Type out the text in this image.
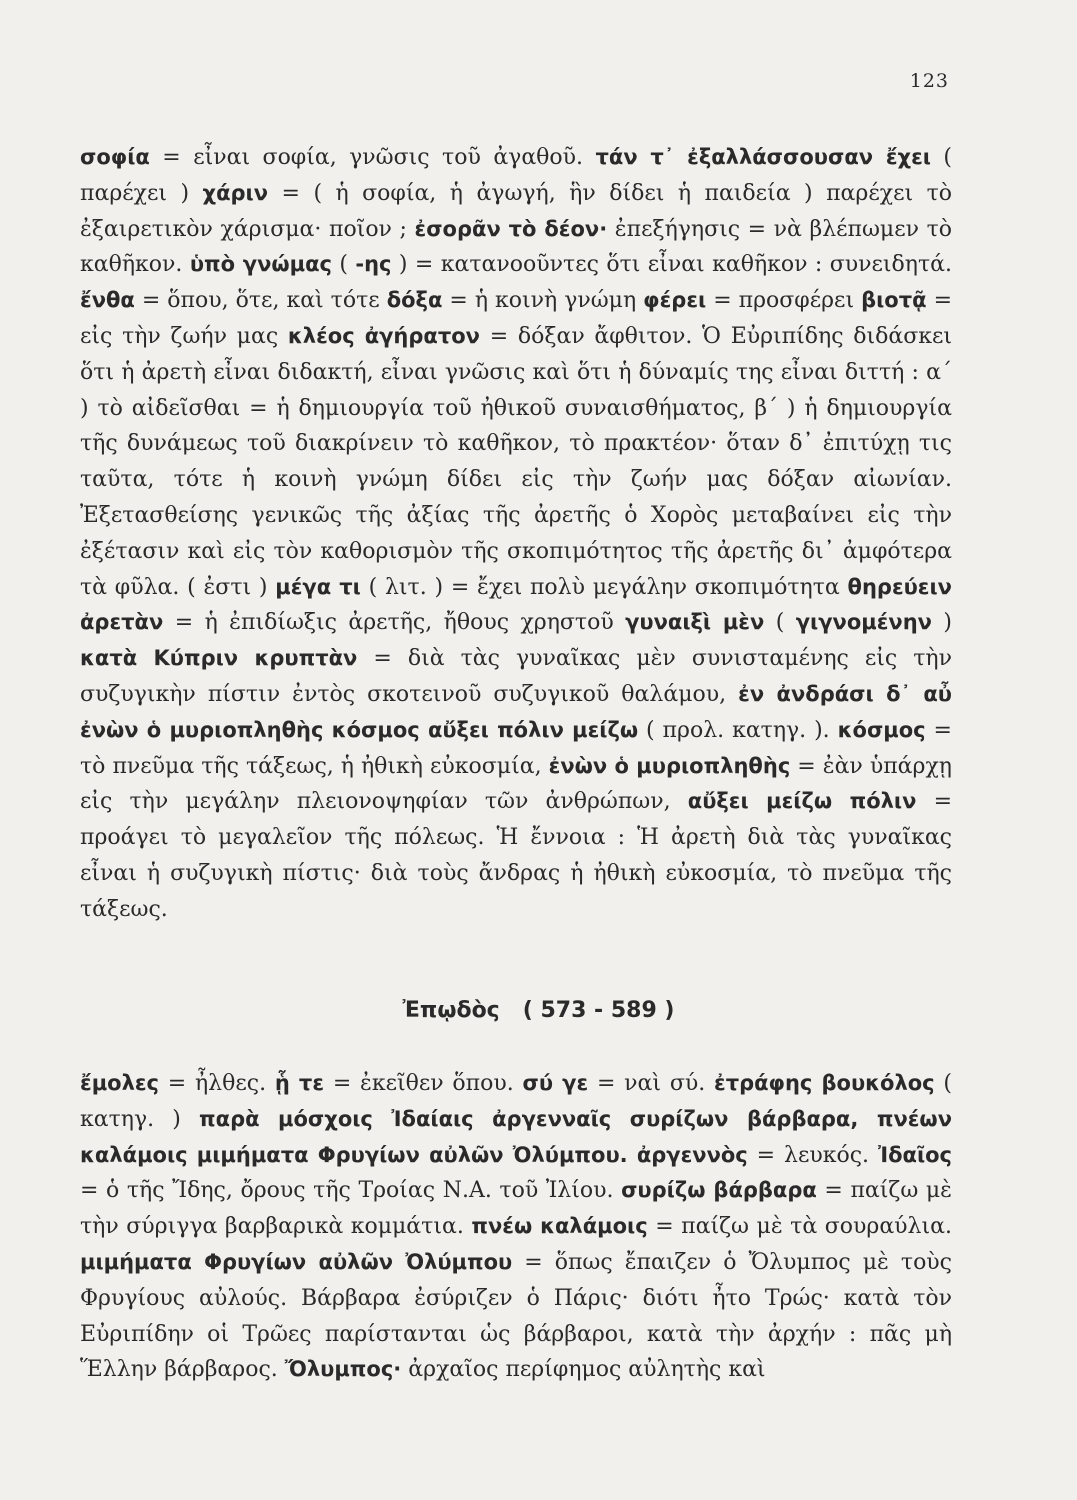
123

σοφία = εἶναι σοφία, γνῶσις τοῦ ἀγαθοῦ. τάν τ᾽ ἐξαλλάσσουσαν ἔχει ( παρέχει ) χάριν = ( ἡ σοφία, ἡ ἀγωγή, ἣν δίδει ἡ παιδεία ) παρέχει τὸ ἐξαιρετικὸν χάρισμα· ποῖον ; ἐσορᾶν τὸ δέον· ἐπεξήγησις = νὰ βλέπωμεν τὸ καθῆκον. ὑπὸ γνώμας ( -ης ) = κατανοοῦντες ὅτι εἶναι καθῆκον : συνειδητά. ἔνθα = ὅπου, ὅτε, καὶ τότε δόξα = ἡ κοινὴ γνώμη φέρει = προσφέρει βιοτᾷ = εἰς τὴν ζωήν μας κλέος ἀγήρατον = δόξαν ἄφθιτον. Ὁ Εὐριπίδης διδάσκει ὅτι ἡ ἀρετὴ εἶναι διδακτή, εἶναι γνῶσις καὶ ὅτι ἡ δύναμίς της εἶναι διττή : α΄ ) τὸ αἰδεῖσθαι = ἡ δημιουργία τοῦ ἠθικοῦ συναισθήματος, β΄ ) ἡ δημιουργία τῆς δυνάμεως τοῦ διακρίνειν τὸ καθῆκον, τὸ πρακτέον· ὅταν δ᾽ ἐπιτύχῃ τις ταῦτα, τότε ἡ κοινὴ γνώμη δίδει εἰς τὴν ζωήν μας δόξαν αἰωνίαν. Ἐξετασθείσης γενικῶς τῆς ἀξίας τῆς ἀρετῆς ὁ Χορὸς μεταβαίνει εἰς τὴν ἐξέτασιν καὶ εἰς τὸν καθορισμὸν τῆς σκοπιμότητος τῆς ἀρετῆς δι᾽ ἀμφότερα τὰ φῦλα. ( ἐστι ) μέγα τι ( λιτ. ) = ἔχει πολὺ μεγάλην σκοπιμότητα θηρεύειν ἀρετὰν = ἡ ἐπιδίωξις ἀρετῆς, ἤθους χρηστοῦ γυναιξὶ μὲν ( γιγνομένην ) κατὰ Κύπριν κρυπτὰν = διὰ τὰς γυναῖκας μὲν συνισταμένης εἰς τὴν συζυγικὴν πίστιν ἐντὸς σκοτεινοῦ συζυγικοῦ θαλάμου, ἐν ἀνδράσι δ᾽ αὖ ἐνὼν ὁ μυριοπληθὴς κόσμος αὔξει πόλιν μείζω ( προλ. κατηγ. ). κόσμος = τὸ πνεῦμα τῆς τάξεως, ἡ ἠθικὴ εὐκοσμία, ἐνὼν ὁ μυριοπληθὴς = ἐὰν ὑπάρχῃ εἰς τὴν μεγάλην πλειονοψηφίαν τῶν ἀνθρώπων, αὔξει μείζω πόλιν = προάγει τὸ μεγαλεῖον τῆς πόλεως. Ἡ ἔννοια : Ἡ ἀρετὴ διὰ τὰς γυναῖκας εἶναι ἡ συζυγικὴ πίστις· διὰ τοὺς ἄνδρας ἡ ἠθικὴ εὐκοσμία, τὸ πνεῦμα τῆς τάξεως.

Ἐπῳδὸς ( 573 - 589 )

ἔμολες = ἦλθες. ᾗ τε = ἐκεῖθεν ὅπου. σύ γε = ναὶ σύ. ἐτράφης βουκόλος ( κατηγ. ) παρὰ μόσχοις Ἰδαίαις ἀργενναῖς συρίζων βάρβαρα, πνέων καλάμοις μιμήματα Φρυγίων αὐλῶν Ὀλύμπου. ἀργεννὸς = λευκός. Ἰδαῖος = ὁ τῆς Ἴδης, ὄρους τῆς Τροίας Ν.Α. τοῦ Ἰλίου. συρίζω βάρβαρα = παίζω μὲ τὴν σύριγγα βαρβαρικὰ κομμάτια. πνέω καλάμοις = παίζω μὲ τὰ σουραύλια. μιμήματα Φρυγίων αὐλῶν Ὀλύμπου = ὅπως ἔπαιζεν ὁ Ὄλυμπος μὲ τοὺς Φρυγίους αὐλούς. Βάρβαρα ἐσύριζεν ὁ Πάρις· διότι ἦτο Τρώς· κατὰ τὸν Εὐριπίδην οἱ Τρῶες παρίστανται ὡς βάρβαροι, κατὰ τὴν ἀρχήν : πᾶς μὴ Ἕλλην βάρβαρος. Ὄλυμπος· ἀρχαῖος περίφημος αὐλητὴς καὶ
